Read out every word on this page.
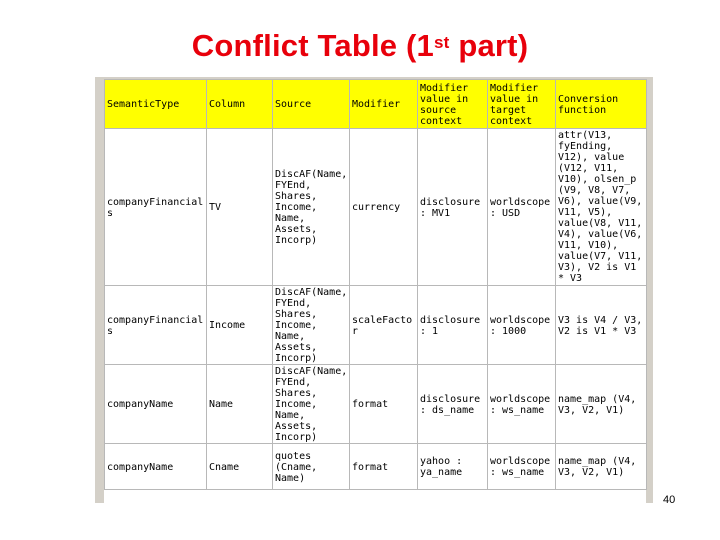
Conflict Table (1st part)
SemanticType	Column	Source	Modifier	Modifier value in source context	Modifier value in target context	Conversion function
companyFinancials	TV	DiscAF(Name, FYEnd, Shares, Income, Name, Assets, Incorp)	currency	disclosure : MV1	worldscope : USD	attr(V13, fyEnding, V12), value (V12, V11, V10), olsen_p (V9, V8, V7, V6), value(V9, V11, V5), value(V8, V11, V4), value(V6, V11, V10), value(V7, V11, V3), V2 is V1 * V3
companyFinancials	Income	DiscAF(Name, FYEnd, Shares, Income, Name, Assets, Incorp)	scaleFactor	disclosure : 1	worldscope : 1000	V3 is V4 / V3, V2 is V1 * V3
companyName	Name	DiscAF(Name, FYEnd, Shares, Income, Name, Assets, Incorp)	format	disclosure : ds_name	worldscope : ws_name	name_map (V4, V3, V2, V1)
companyName	Cname	quotes (Cname, Name)	format	yahoo : ya_name	worldscope : ws_name	name_map (V4, V3, V2, V1)
40
